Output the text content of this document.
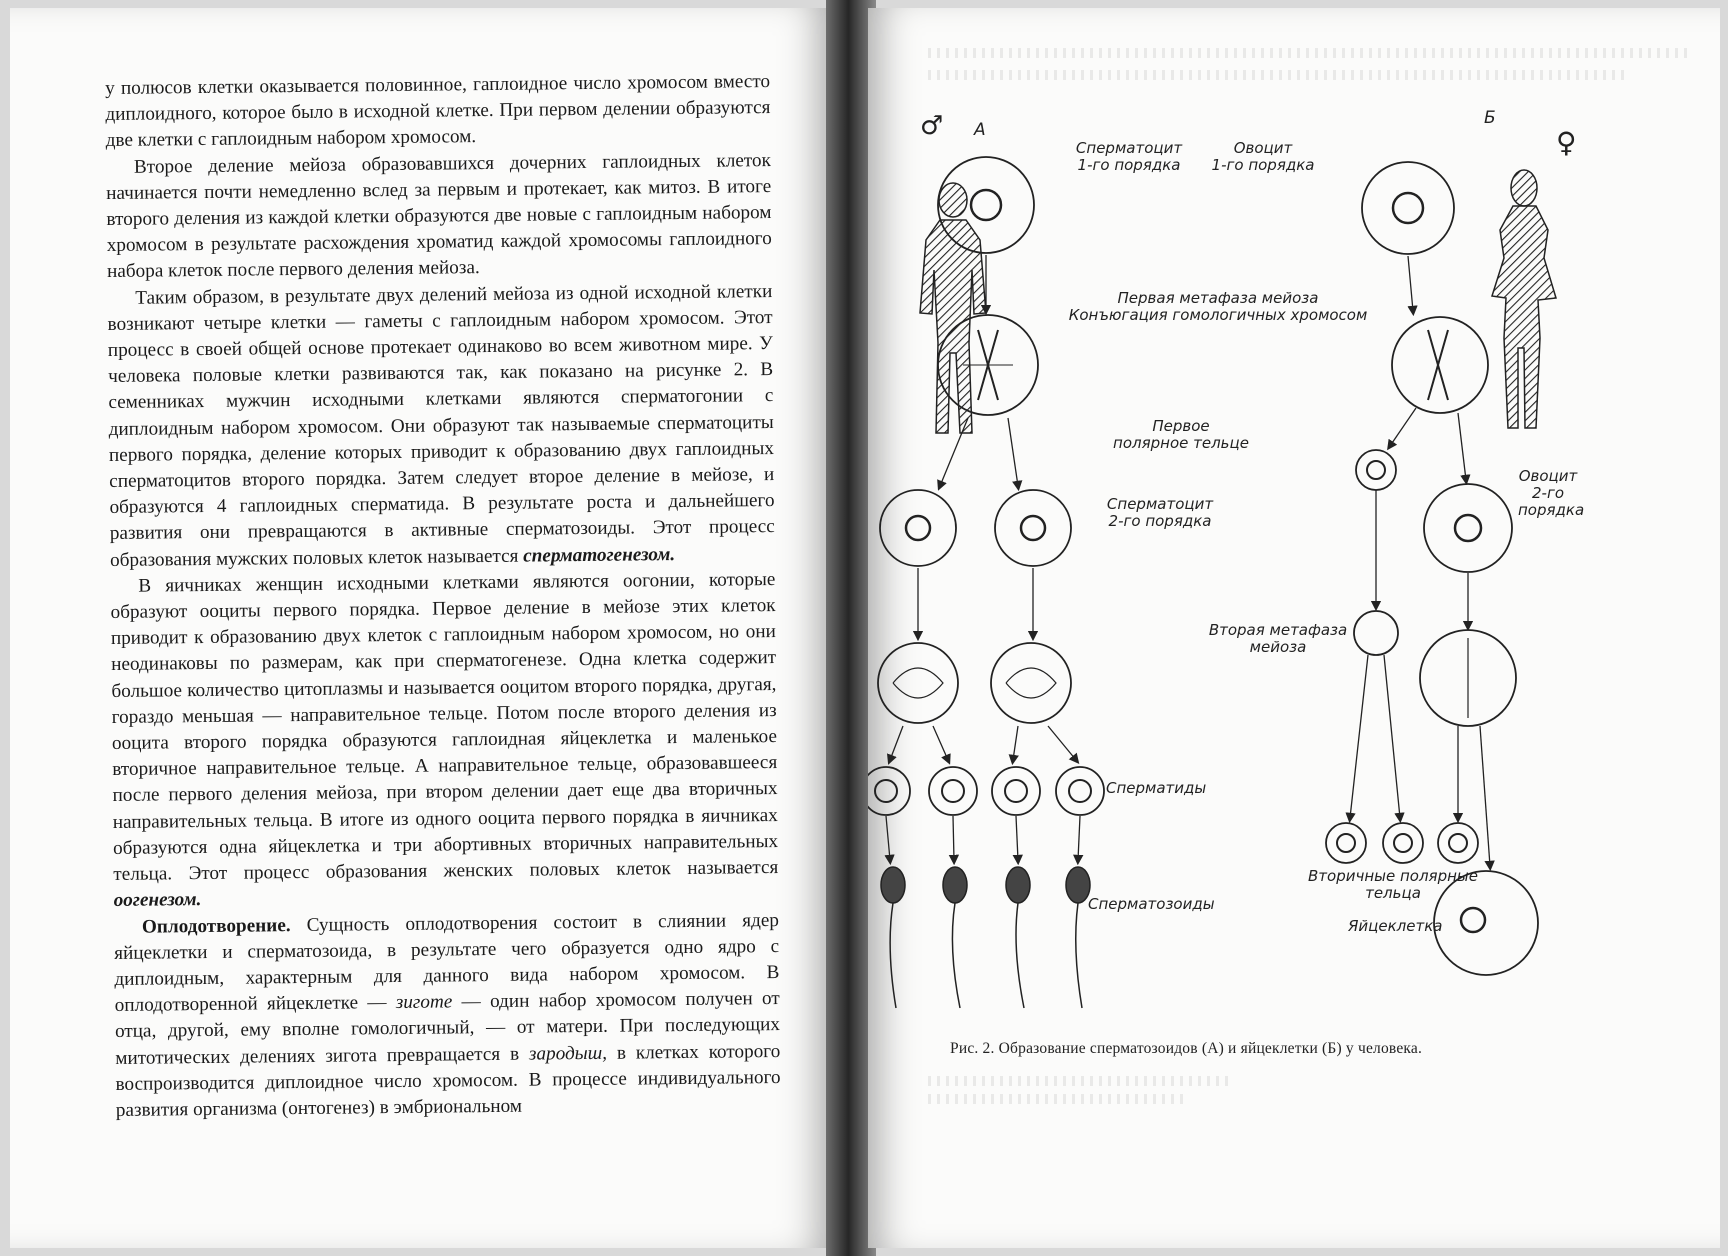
у полюсов клетки оказывается половинное, гаплоидное число хромосом вместо диплоидного, которое было в исходной клетке. При первом делении образуются две клетки с гаплоидным набором хромосом.

Второе деление мейоза образовавшихся дочерних гаплоидных клеток начинается почти немедленно вслед за первым и протекает, как митоз. В итоге второго деления из каждой клетки образуются две новые с гаплоидным набором хромосом в результате расхождения хроматид каждой хромосомы гаплоидного набора клеток после первого деления мейоза.

Таким образом, в результате двух делений мейоза из одной исходной клетки возникают четыре клетки — гаметы с гаплоидным набором хромосом. Этот процесс в своей общей основе протекает одинаково во всем животном мире. У человека половые клетки развиваются так, как показано на рисунке 2. В семенниках мужчин исходными клетками являются сперматогонии с диплоидным набором хромосом. Они образуют так называемые сперматоциты первого порядка, деление которых приводит к образованию двух гаплоидных сперматоцитов второго порядка. Затем следует второе деление в мейозе, и образуются 4 гаплоидных сперматида. В результате роста и дальнейшего развития они превращаются в активные сперматозоиды. Этот процесс образования мужских половых клеток называется сперматогенезом.

В яичниках женщин исходными клетками являются оогонии, которые образуют ооциты первого порядка. Первое деление в мейозе этих клеток приводит к образованию двух клеток с гаплоидным набором хромосом, но они неодинаковы по размерам, как при сперматогенезе. Одна клетка содержит большое количество цитоплазмы и называется ооцитом второго порядка, другая, гораздо меньшая — направительное тельце. Потом после второго деления из ооцита второго порядка образуются гаплоидная яйцеклетка и маленькое вторичное направительное тельце. А направительное тельце, образовавшееся после первого деления мейоза, при втором делении дает еще два вторичных направительных тельца. В итоге из одного ооцита первого порядка в яичниках образуются одна яйцеклетка и три абортивных вторичных направительных тельца. Этот процесс образования женских половых клеток называется оогенезом.

Оплодотворение. Сущность оплодотворения состоит в слиянии ядер яйцеклетки и сперматозоида, в результате чего образуется одно ядро с диплоидным, характерным для данного вида набором хромосом. В оплодотворенной яйцеклетке — зиготе — один набор хромосом получен от отца, другой, ему вполне гомологичный, — от матери. При последующих митотических делениях зигота превращается в зародыш, в клетках которого воспроизводится диплоидное число хромосом. В процессе индивидуального развития организма (онтогенез) в эмбриональном

♂ А
Б
♀
Сперматоцит
1-го порядка
Овоцит
1-го порядка
Первая метафаза мейоза
Конъюгация гомологичных хромосом
Первое
полярное тельце
Сперматоцит
2-го порядка
Овоцит
2-го
порядка
Вторая метафаза
мейоза
Сперматиды
Вторичные полярные
тельца
Сперматозоиды
Яйцеклетка
Рис. 2. Образование сперматозоидов (А) и яйцеклетки (Б) у человека.
